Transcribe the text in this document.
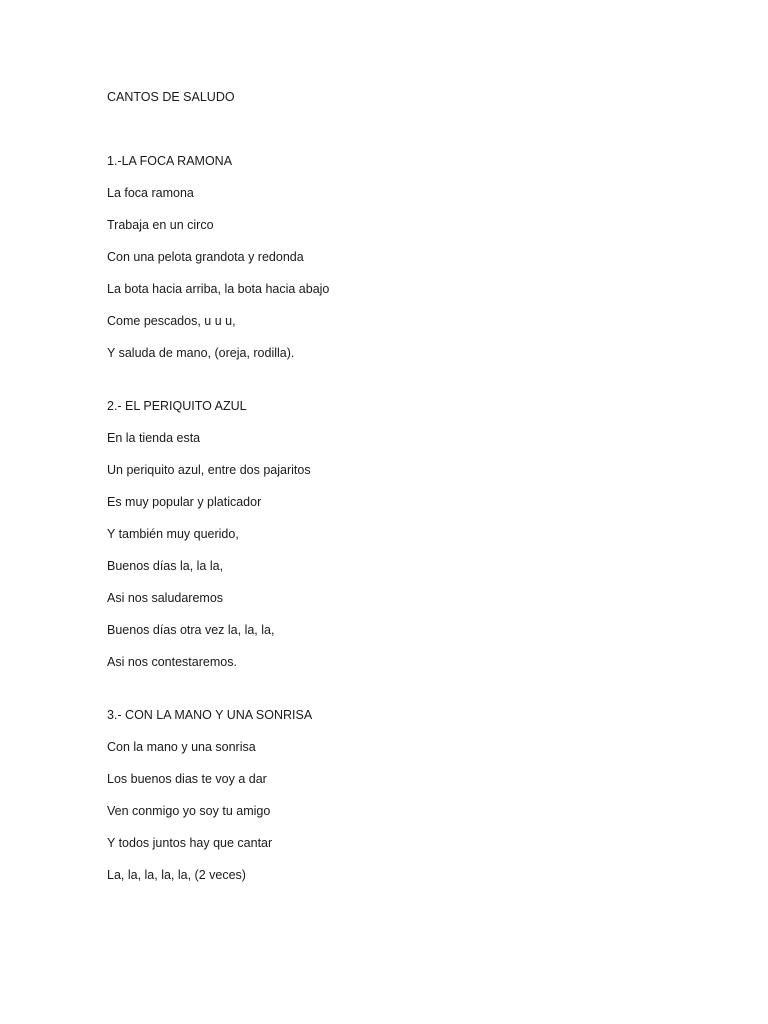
CANTOS DE SALUDO
1.-LA FOCA RAMONA
La foca ramona
Trabaja en un circo
Con una pelota grandota y redonda
La bota hacia arriba, la bota hacia abajo
Come pescados, u u u,
Y saluda de mano, (oreja, rodilla).
2.- EL PERIQUITO AZUL
En la tienda esta
Un periquito azul, entre dos pajaritos
Es muy popular y platicador
Y también muy querido,
Buenos días la, la la,
Asi nos saludaremos
Buenos días otra vez la, la, la,
Asi nos contestaremos.
3.- CON LA MANO Y UNA SONRISA
Con la mano y una sonrisa
Los buenos dias te voy a dar
Ven conmigo yo soy tu amigo
Y todos juntos hay que cantar
La, la, la, la, la, (2 veces)
